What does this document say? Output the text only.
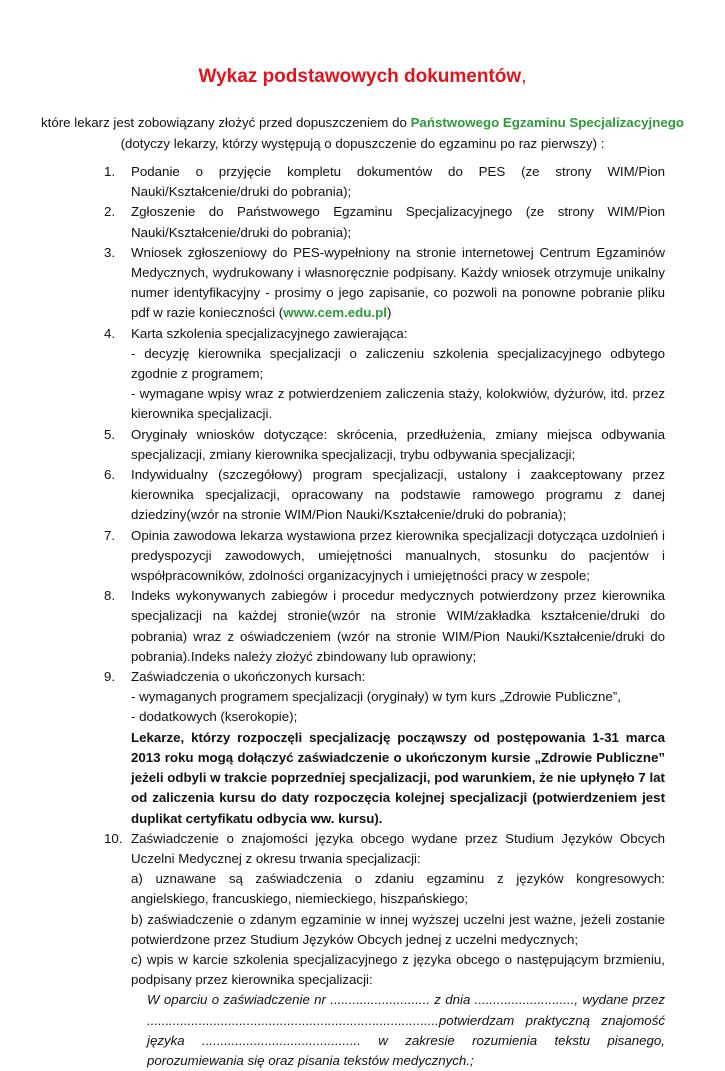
Wykaz podstawowych dokumentów,
które lekarz jest zobowiązany złożyć przed dopuszczeniem do Państwowego Egzaminu Specjalizacyjnego
(dotyczy lekarzy, którzy występują o dopuszczenie do egzaminu po raz pierwszy) :
1. Podanie o przyjęcie kompletu dokumentów do PES (ze strony WIM/Pion Nauki/Kształcenie/druki do pobrania);
2. Zgłoszenie do Państwowego Egzaminu Specjalizacyjnego (ze strony WIM/Pion Nauki/Kształcenie/druki do pobrania);
3. Wniosek zgłoszeniowy do PES-wypełniony na stronie internetowej Centrum Egzaminów Medycznych, wydrukowany i własnoręcznie podpisany. Każdy wniosek otrzymuje unikalny numer identyfikacyjny - prosimy o jego zapisanie, co pozwoli na ponowne pobranie pliku pdf w razie konieczności (www.cem.edu.pl)
4. Karta szkolenia specjalizacyjnego zawierająca:
- decyzję kierownika specjalizacji o zaliczeniu szkolenia specjalizacyjnego odbytego zgodnie z programem;
- wymagane wpisy wraz z potwierdzeniem zaliczenia staży, kolokwiów, dyżurów, itd. przez kierownika specjalizacji.
5. Oryginały wniosków dotyczące: skrócenia, przedłużenia, zmiany miejsca odbywania specjalizacji, zmiany kierownika specjalizacji, trybu odbywania specjalizacji;
6. Indywidualny (szczegółowy) program specjalizacji, ustalony i zaakceptowany przez kierownika specjalizacji, opracowany na podstawie ramowego programu z danej dziedziny(wzór na stronie WIM/Pion Nauki/Kształcenie/druki do pobrania);
7. Opinia zawodowa lekarza wystawiona przez kierownika specjalizacji dotycząca uzdolnień i predyspozycji zawodowych, umiejętności manualnych, stosunku do pacjentów i współpracowników, zdolności organizacyjnych i umiejętności pracy w zespole;
8. Indeks wykonywanych zabiegów i procedur medycznych potwierdzony przez kierownika specjalizacji na każdej stronie(wzór na stronie WIM/zakładka kształcenie/druki do pobrania) wraz z oświadczeniem (wzór na stronie WIM/Pion Nauki/Kształcenie/druki do pobrania).Indeks należy złożyć zbindowany lub oprawiony;
9. Zaświadczenia o ukończonych kursach:
- wymaganych programem specjalizacji (oryginały) w tym kurs „Zdrowie Publiczne”,
- dodatkowych (kserokopie);
Lekarze, którzy rozpoczęli specjalizację począwszy od postępowania 1-31 marca 2013 roku mogą dołączyć zaświadczenie o ukończonym kursie „Zdrowie Publiczne” jeżeli odbyli w trakcie poprzedniej specjalizacji, pod warunkiem, że nie upłynęło 7 lat od zaliczenia kursu do daty rozpoczęcia kolejnej specjalizacji (potwierdzeniem jest duplikat certyfikatu odbycia ww. kursu).
10. Zaświadczenie o znajomości języka obcego wydane przez Studium Języków Obcych Uczelni Medycznej z okresu trwania specjalizacji:
a) uznawane są zaświadczenia o zdaniu egzaminu z języków kongresowych: angielskiego, francuskiego, niemieckiego, hiszpańskiego;
b) zaświadczenie o zdanym egzaminie w innej wyższej uczelni jest ważne, jeżeli zostanie potwierdzone przez Studium Języków Obcych jednej z uczelni medycznych;
c) wpis w karcie szkolenia specjalizacyjnego z języka obcego o następującym brzmieniu, podpisany przez kierownika specjalizacji:
W oparciu o zaświadczenie nr ........................... z dnia ..........................., wydane przez ...............................................................................potwierdzam praktyczną znajomość języka ........................................... w zakresie rozumienia tekstu pisanego, porozumiewania się oraz pisania tekstów medycznych.;
